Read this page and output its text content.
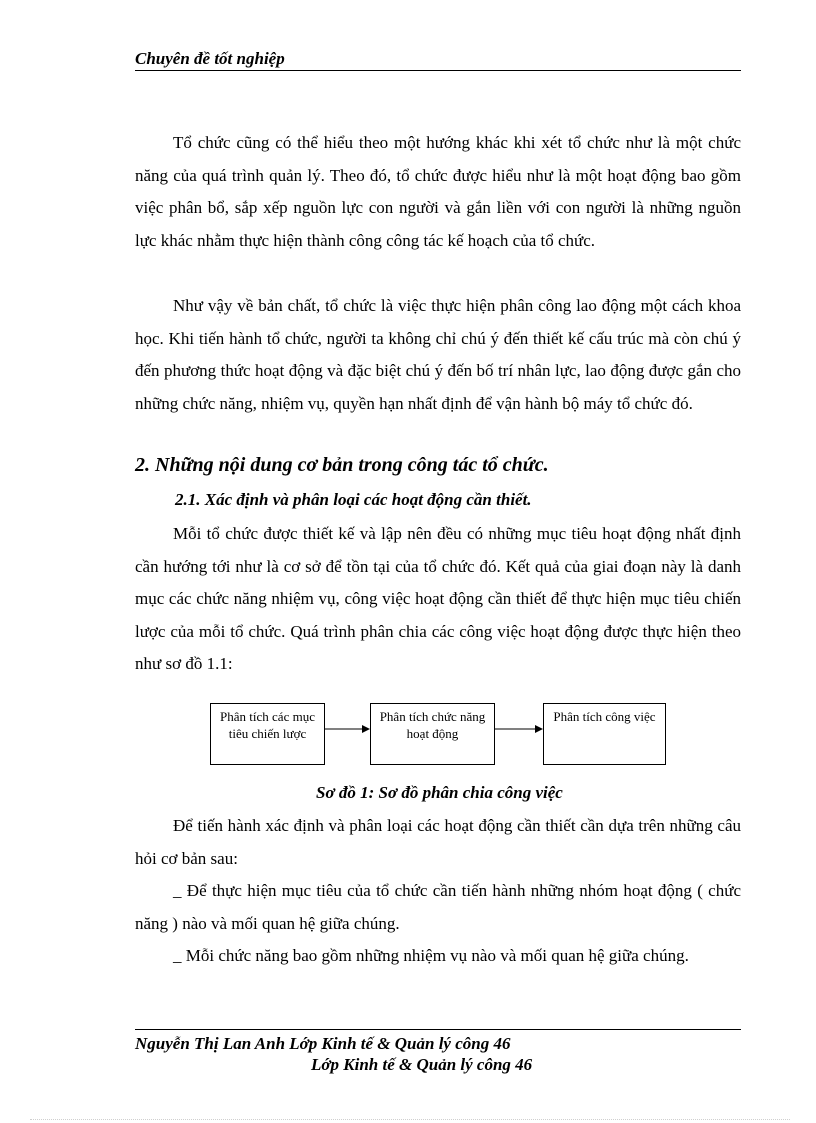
Chuyên đề tốt nghiệp

Tổ chức cũng có thể hiểu theo một hướng khác khi xét tổ chức như là một chức năng của quá trình quản lý. Theo đó, tổ chức được hiểu như là một hoạt động bao gồm việc phân bổ, sắp xếp nguồn lực con người và gắn liền với con người là những nguồn lực khác nhằm thực hiện thành công công tác kế hoạch của tổ chức.

Như vậy về bản chất, tổ chức là việc thực hiện phân công lao động một cách khoa học. Khi tiến hành tổ chức, người ta không chỉ chú ý đến thiết kế cấu trúc mà còn chú ý đến phương thức hoạt động và đặc biệt chú ý đến bố trí nhân lực, lao động được gắn cho những chức năng, nhiệm vụ, quyền hạn nhất định để vận hành bộ máy tổ chức đó.

2. Những nội dung cơ bản trong công tác tổ chức.
2.1. Xác định và phân loại các hoạt động cần thiết.

Mỗi tổ chức được thiết kế và lập nên đều có những mục tiêu hoạt động nhất định cần hướng tới như là cơ sở để tồn tại của tổ chức đó. Kết quả của giai đoạn này là danh mục các chức năng nhiệm vụ, công việc hoạt động cần thiết để thực hiện mục tiêu chiến lược của mỗi tổ chức. Quá trình phân chia các công việc hoạt động được thực hiện theo như sơ đồ 1.1:

Phân tích các mục tiêu chiến lược
Phân tích chức năng hoạt động
Phân tích công việc
Sơ đồ 1: Sơ đồ phân chia công việc

Để tiến hành xác định và phân loại các hoạt động cần thiết cần dựa trên những câu hỏi cơ bản sau:

_ Để thực hiện mục tiêu của tổ chức cần tiến hành những nhóm hoạt động ( chức năng ) nào và mối quan hệ giữa chúng.

_ Mỗi chức năng bao gồm những nhiệm vụ nào và mối quan hệ giữa chúng.

Nguyễn Thị Lan Anh Lớp Kinh tế & Quản lý công 46
Lớp Kinh tế & Quản lý công 46
